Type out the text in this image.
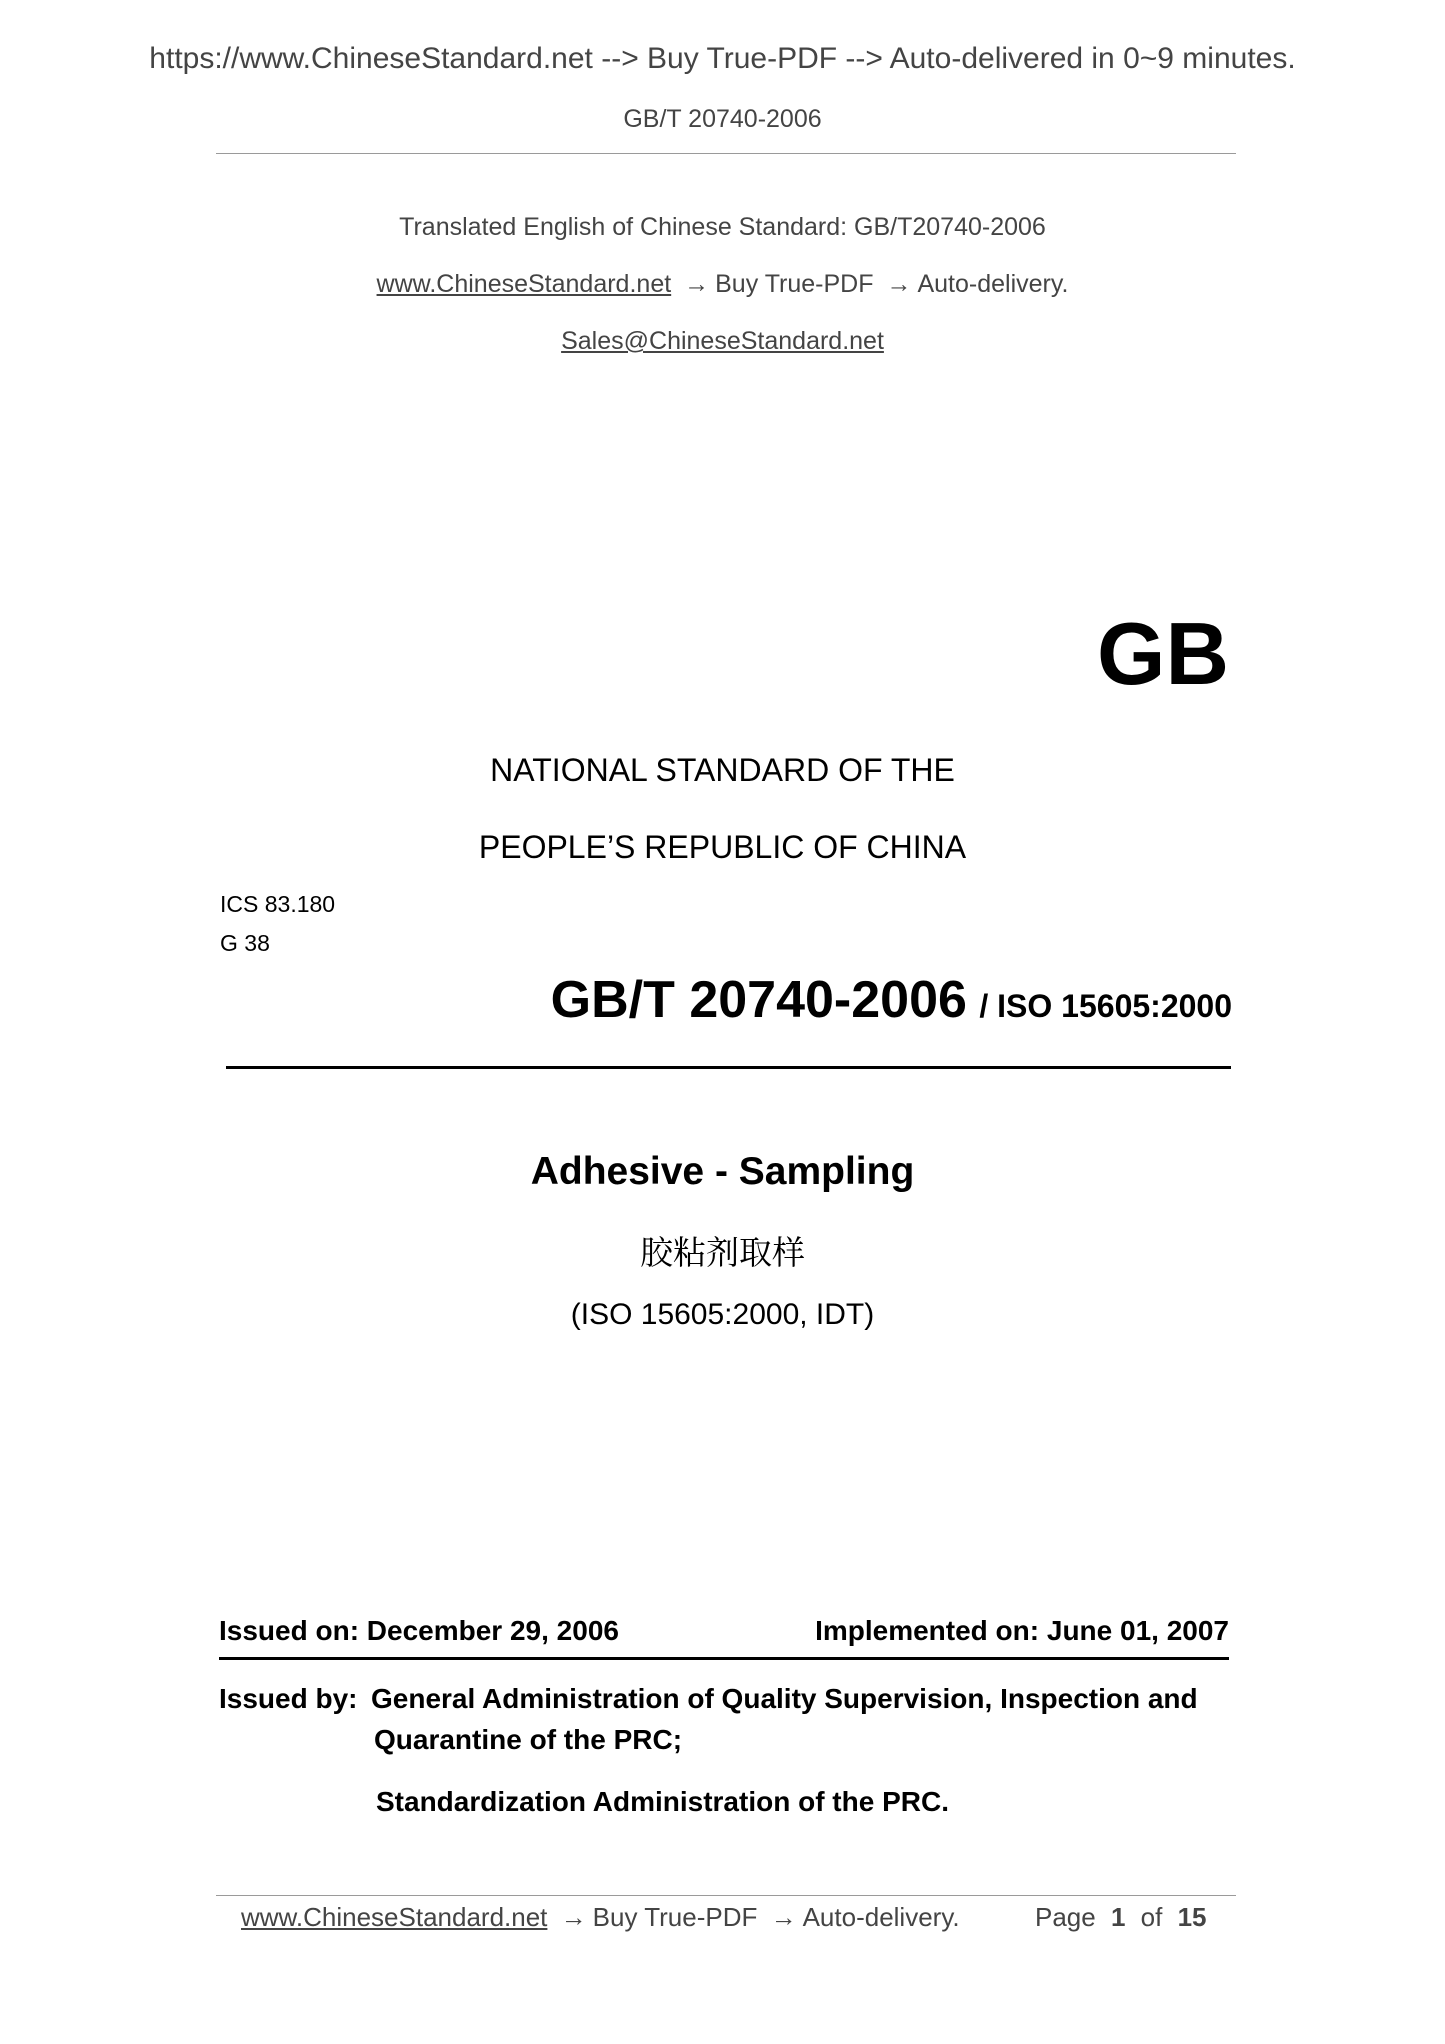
https://www.ChineseStandard.net --> Buy True-PDF --> Auto-delivered in 0~9 minutes.
GB/T 20740-2006
Translated English of Chinese Standard: GB/T20740-2006
www.ChineseStandard.net → Buy True-PDF → Auto-delivery.
Sales@ChineseStandard.net
GB
NATIONAL STANDARD OF THE
PEOPLE’S REPUBLIC OF CHINA
ICS 83.180
G 38
GB/T 20740-2006 / ISO 15605:2000
Adhesive - Sampling
胶粘剂取样
(ISO 15605:2000, IDT)
Issued on: December 29, 2006	Implemented on: June 01, 2007
Issued by: General Administration of Quality Supervision, Inspection and
Quarantine of the PRC;
Standardization Administration of the PRC.
www.ChineseStandard.net → Buy True-PDF → Auto-delivery.	Page 1 of 15
